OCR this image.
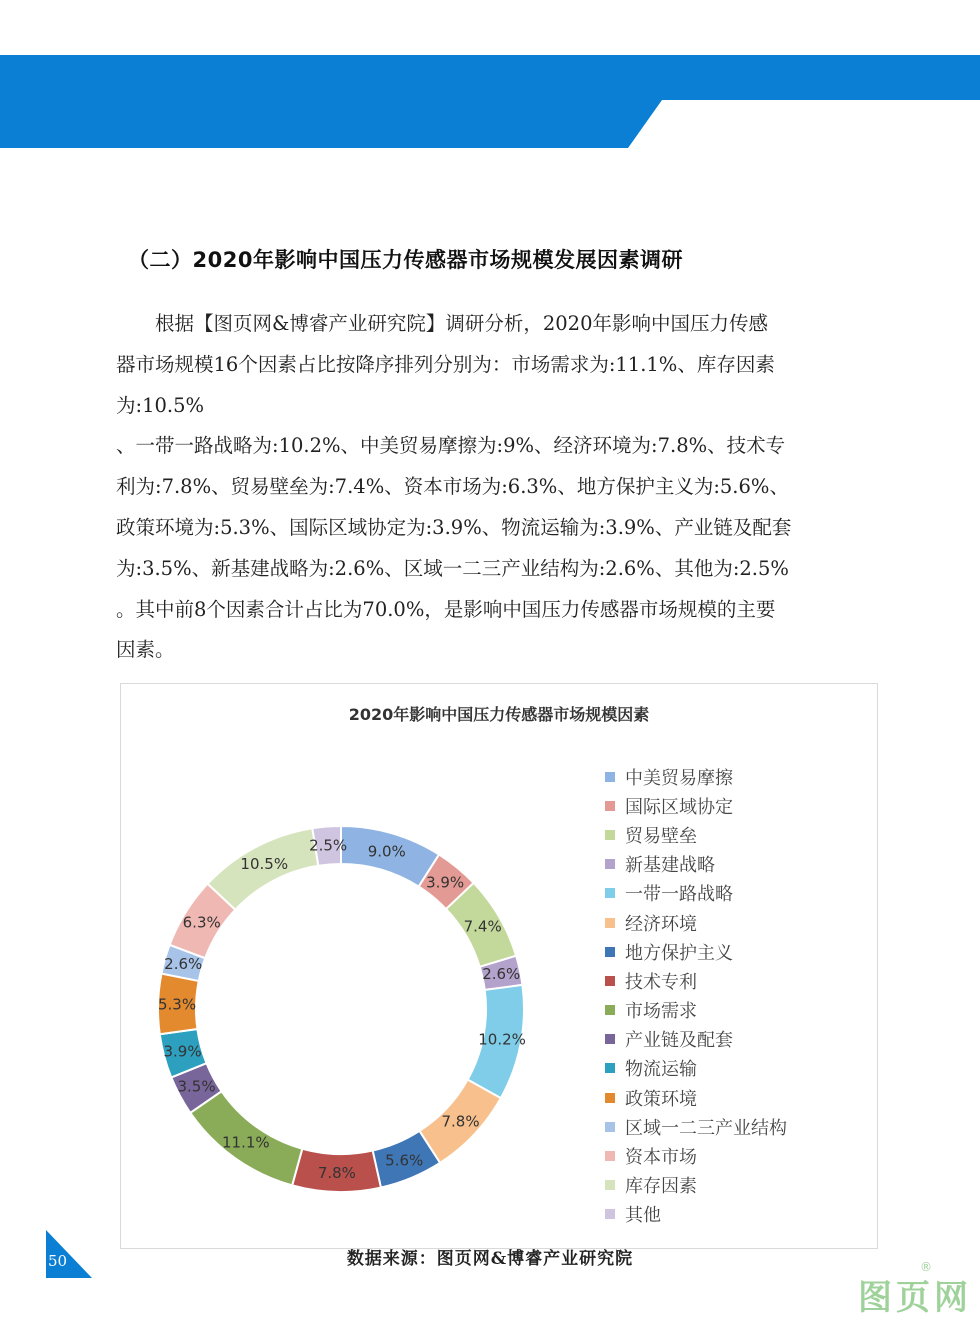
（二）2020年影响中国压力传感器市场规模发展因素调研
根据【图页网&博睿产业研究院】调研分析，2020年影响中国压力传感
器市场规模16个因素占比按降序排列分别为：市场需求为:11.1%、库存因素
为:10.5%
、一带一路战略为:10.2%、中美贸易摩擦为:9%、经济环境为:7.8%、技术专
利为:7.8%、贸易壁垒为:7.4%、资本市场为:6.3%、地方保护主义为:5.6%、
政策环境为:5.3%、国际区域协定为:3.9%、物流运输为:3.9%、产业链及配套
为:3.5%、新基建战略为:2.6%、区域一二三产业结构为:2.6%、其他为:2.5%
。其中前8个因素合计占比为70.0%，是影响中国压力传感器市场规模的主要
因素。
2020年影响中国压力传感器市场规模因素
9.0%
3.9%
7.4%
2.6%
10.2%
7.8%
5.6%
7.8%
11.1%
3.5%
3.9%
5.3%
2.6%
6.3%
10.5%
2.5%
中美贸易摩擦
国际区域协定
贸易壁垒
新基建战略
一带一路战略
经济环境
地方保护主义
技术专利
市场需求
产业链及配套
物流运输
政策环境
区域一二三产业结构
资本市场
库存因素
其他
数据来源：图页网&博睿产业研究院
50
图页网
®
